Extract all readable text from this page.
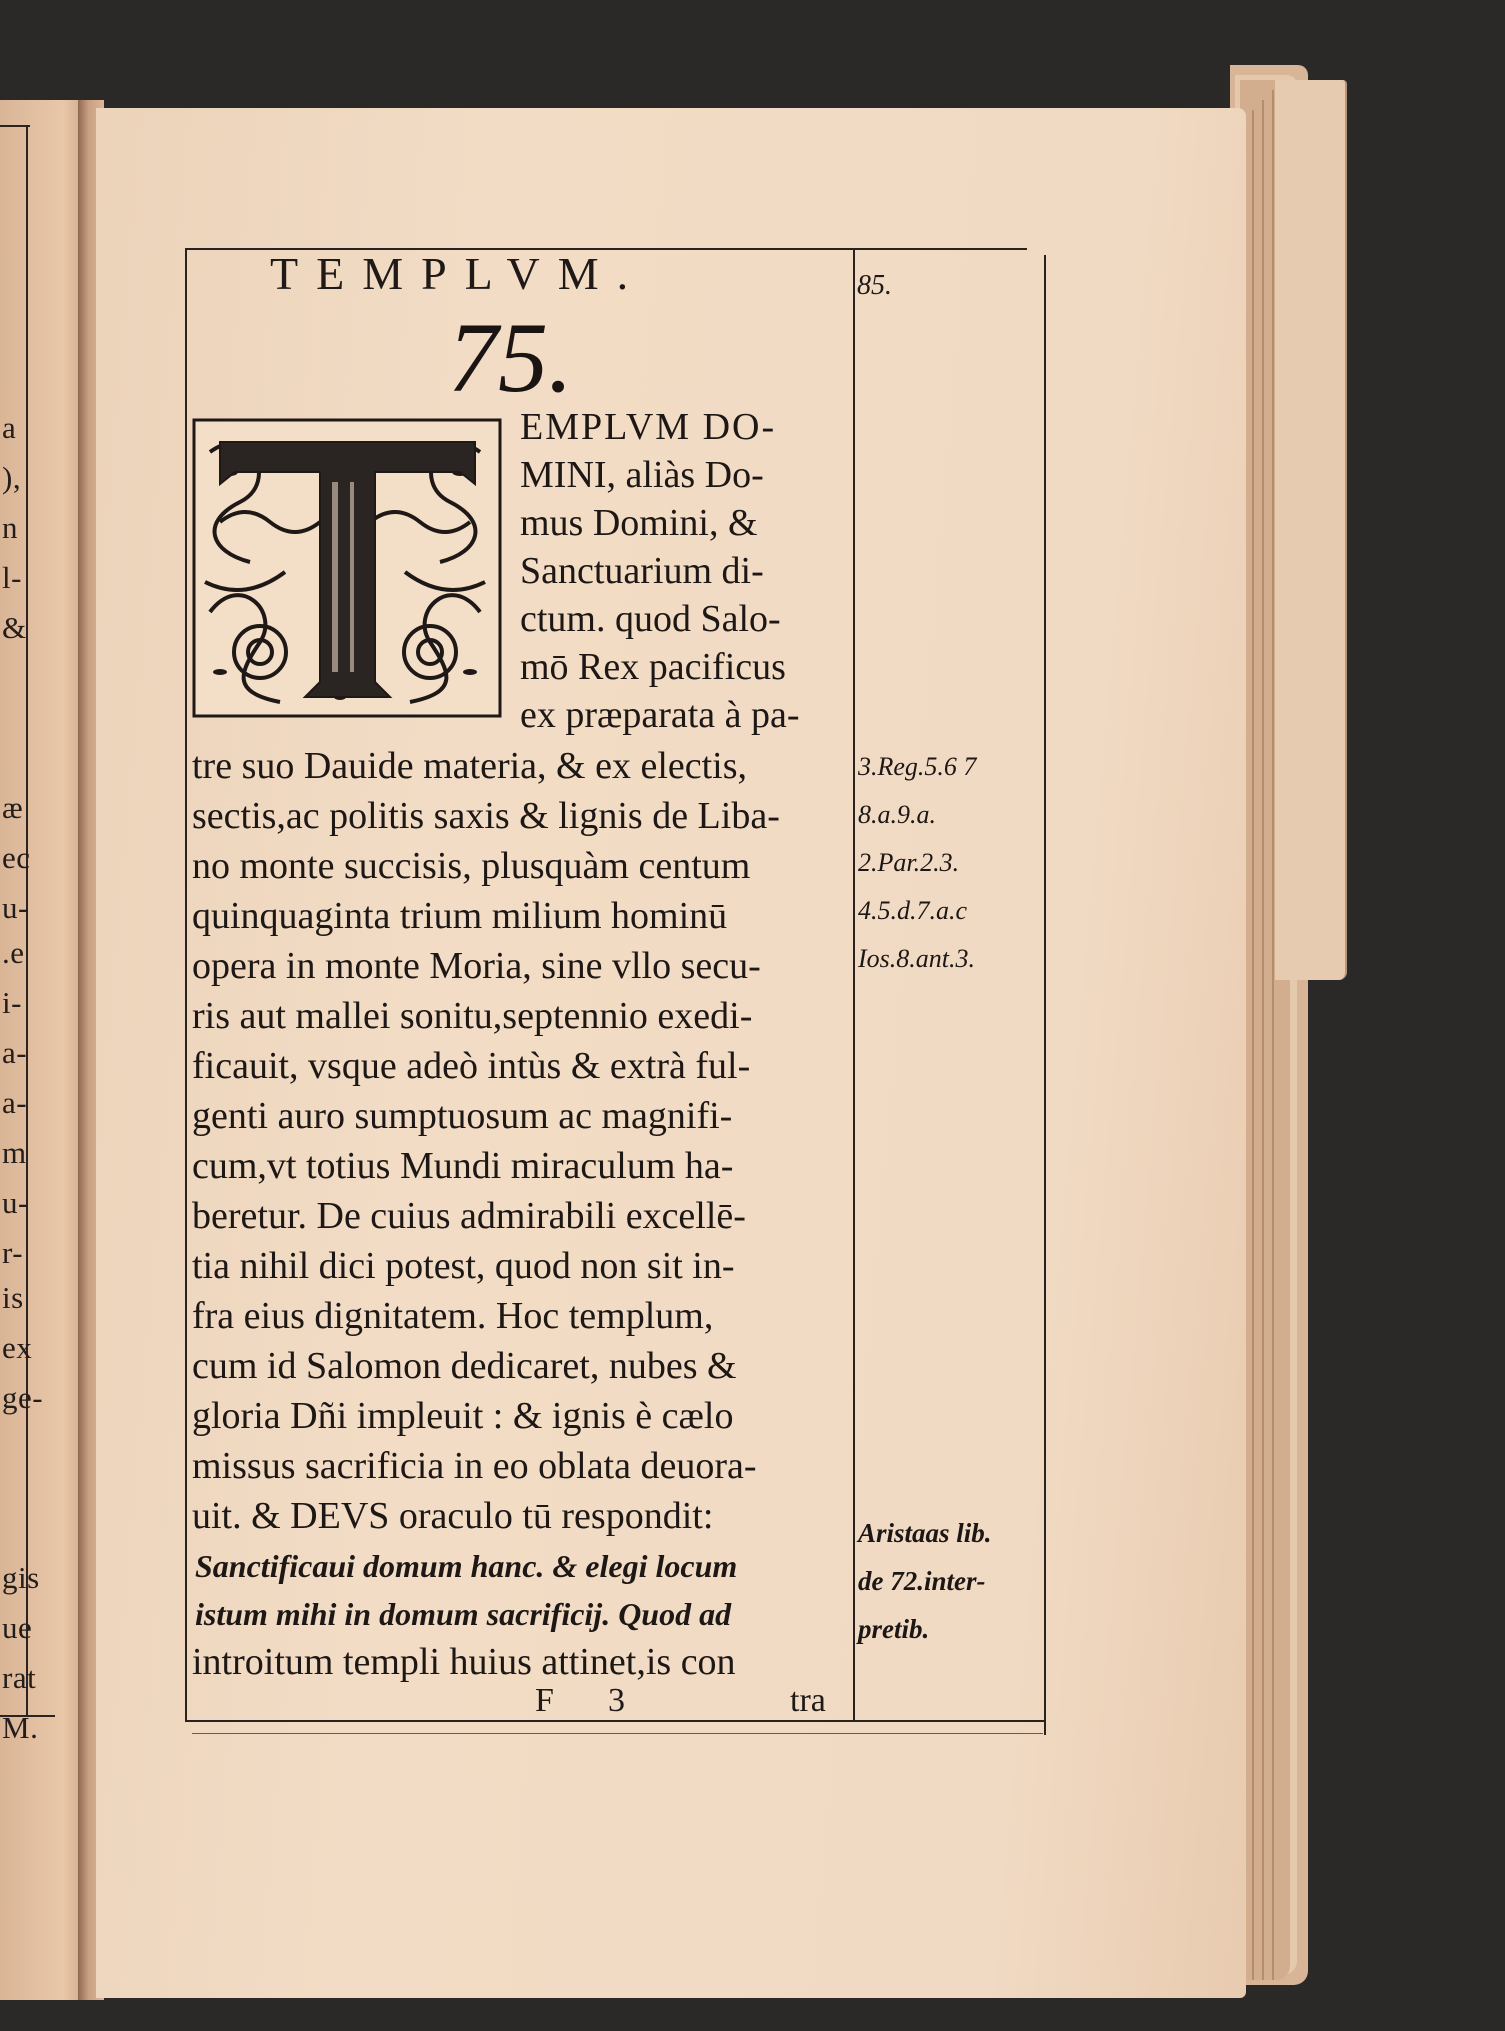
a
),
n
l-
&
æ
ec
u-
.e
i-
a-
a-
m
u-
r-
is
ex
ge-
gis
ue
rat
M.
TEMPLVM.	85.
75.

EMPLVM DO-
MINI, aliàs Do-
mus Domini, &
Sanctuarium di-
ctum. quod Salo-
mō Rex pacificus
ex præparata à pa-
tre suo Dauide materia, & ex electis,
sectis,ac politis saxis & lignis de Liba-
no monte succisis, plusquàm centum
quinquaginta trium milium hominū
opera in monte Moria, sine vllo secu-
ris aut mallei sonitu,septennio exedi-
ficauit, vsque adeò intùs & extrà ful-
genti auro sumptuosum ac magnifi-
cum,vt totius Mundi miraculum ha-
beretur. De cuius admirabili excellē-
tia nihil dici potest, quod non sit in-
fra eius dignitatem. Hoc templum,
cum id Salomon dedicaret, nubes &
gloria Dñi impleuit : & ignis è cælo
missus sacrificia in eo oblata deuora-
uit. & DEVS oraculo tū respondit:
Sanctificaui domum hanc. & elegi locum
istum mihi in domum sacrificij. Quod ad
introitum templi huius attinet,is con
3.Reg.5.6 7
8.a.9.a.
2.Par.2.3.
4.5.d.7.a.c
Ios.8.ant.3.
Aristaas lib.
de 72.inter-
pretib.
F 3	tra
